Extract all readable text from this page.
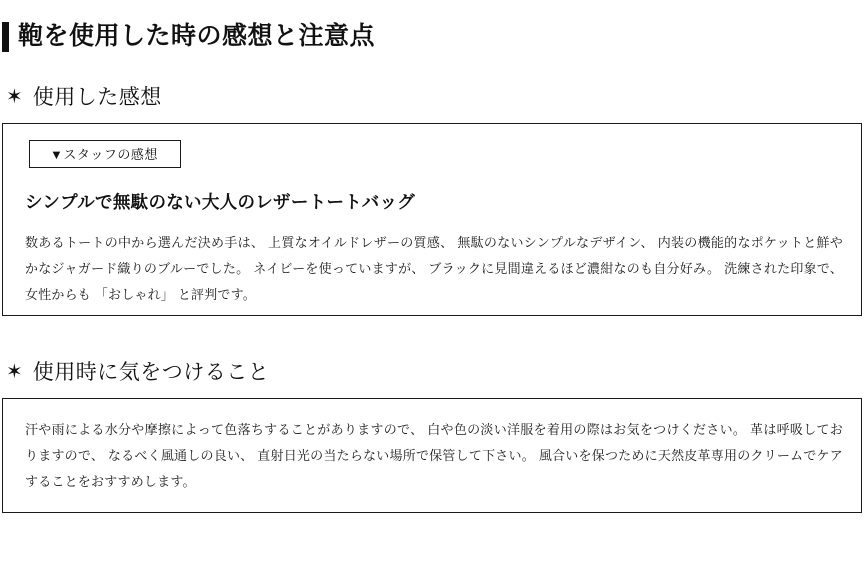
鞄を使用した時の感想と注意点
✶ 使用した感想
▼スタッフの感想
シンプルで無駄のない大人のレザートートバッグ

数あるトートの中から選んだ決め手は、 上質なオイルドレザーの質感、 無駄のないシンプルなデザイン、 内装の機能的なポケットと鮮やかなジャガード織りのブルーでした。 ネイビーを使っていますが、 ブラックに見間違えるほど濃紺なのも自分好み。 洗練された印象で、女性からも 「おしゃれ」 と評判です。

✶ 使用時に気をつけること

汗や雨による水分や摩擦によって色落ちすることがありますので、 白や色の淡い洋服を着用の際はお気をつけください。 革は呼吸しておりますので、 なるべく風通しの良い、 直射日光の当たらない場所で保管して下さい。 風合いを保つために天然皮革専用のクリームでケアすることをおすすめします。
